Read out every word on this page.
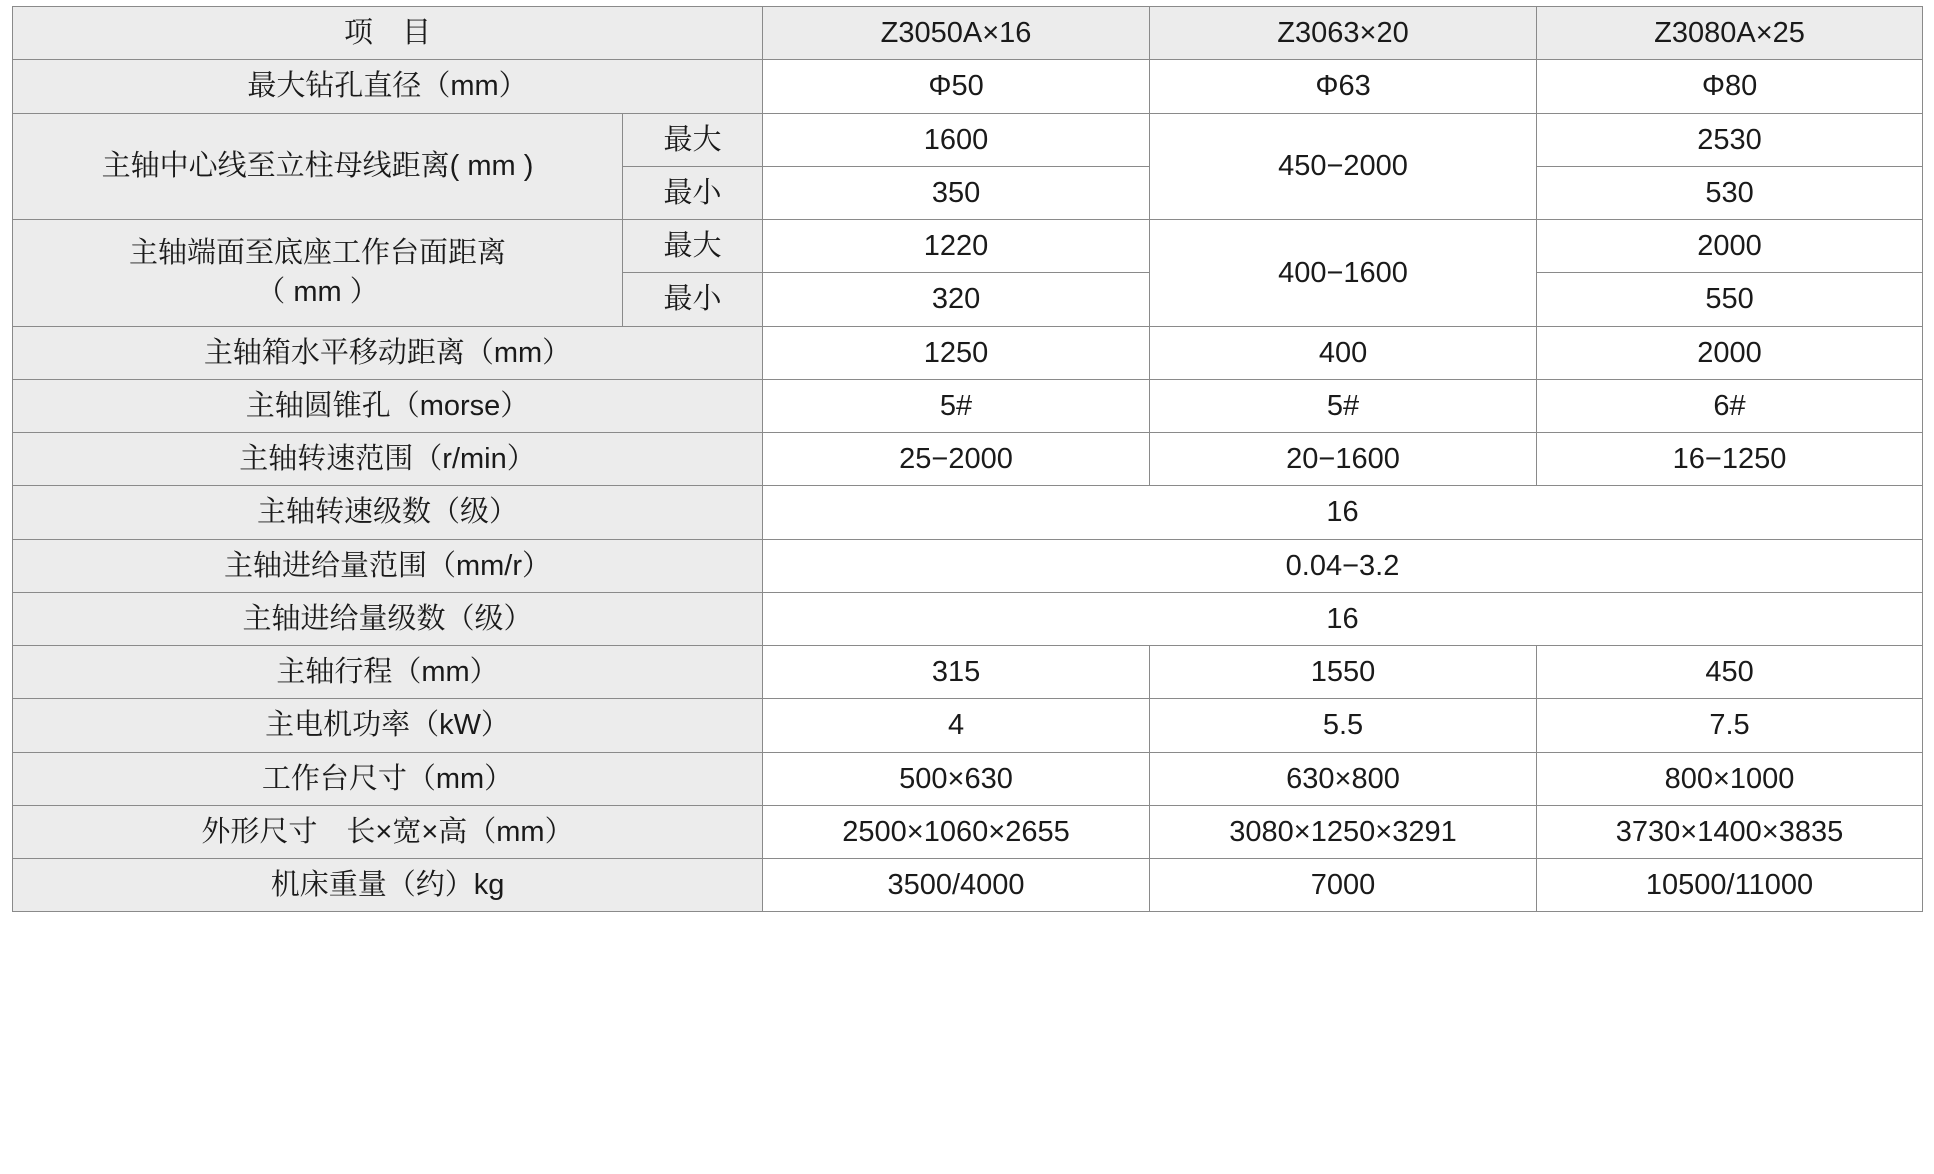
项　目		Z3050A×16	Z3063×20	Z3080A×25
最大钻孔直径（mm）		Φ50	Φ63	Φ80
主轴中心线至立柱母线距离( mm )	最大	1600	450−2000	2530
	最小	350		530

主轴端面至底座工作台面距离
（ mm ）	最大	1220	400−1600	2000
	最小	320		550
主轴箱水平移动距离（mm）		1250	400	2000
主轴圆锥孔（morse）		5#	5#	6#
主轴转速范围（r/min）		25−2000	20−1600	16−1250
主轴转速级数（级）		16		
主轴进给量范围（mm/r）		0.04−3.2		
主轴进给量级数（级）		16		
主轴行程（mm）		315	1550	450
主电机功率（kW）		4	5.5	7.5
工作台尺寸（mm）		500×630	630×800	800×1000
外形尺寸　长×宽×高（mm）		2500×1060×2655	3080×1250×3291	3730×1400×3835
机床重量（约）kg		3500/4000	7000	10500/11000
